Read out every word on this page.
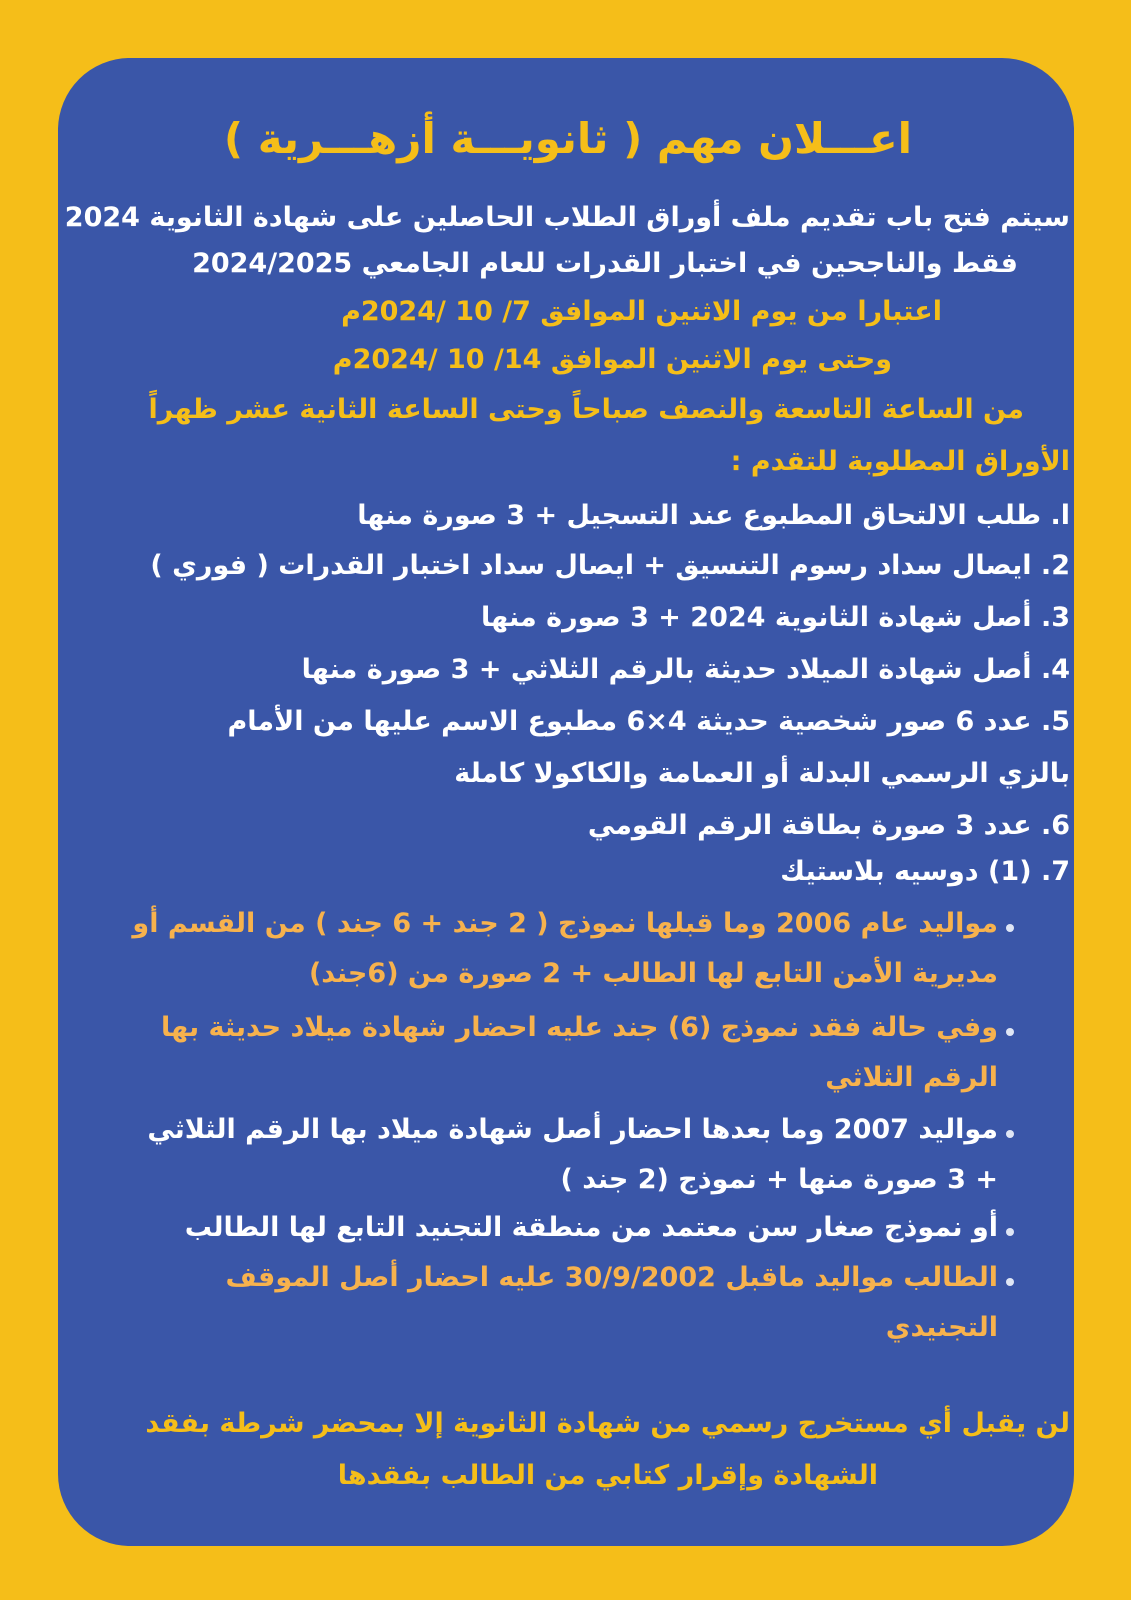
اعـــلان مهم ( ثانويـــة أزهـــرية )
سيتم فتح باب تقديم ملف أوراق الطلاب الحاصلين على شهادة الثانوية 2024
فقط والناجحين في اختبار القدرات للعام الجامعي 2024/2025
اعتبارا من يوم الاثنين الموافق 7/ 10 /2024م
وحتى يوم الاثنين الموافق 14/ 10 /2024م
من الساعة التاسعة والنصف صباحاً وحتى الساعة الثانية عشر ظهراً
الأوراق المطلوبة للتقدم :
ا. طلب الالتحاق المطبوع عند التسجيل + 3 صورة منها
2. ايصال سداد رسوم التنسيق + ايصال سداد اختبار القدرات ( فوري )
3. أصل شهادة الثانوية 2024 + 3 صورة منها
4. أصل شهادة الميلاد حديثة بالرقم الثلاثي + 3 صورة منها
5. عدد 6 صور شخصية حديثة 4×6 مطبوع الاسم عليها من الأمام
بالزي الرسمي البدلة أو العمامة والكاكولا كاملة
6. عدد 3 صورة بطاقة الرقم القومي
7. (1) دوسيه بلاستيك
مواليد عام 2006 وما قبلها نموذج ( 2 جند + 6 جند ) من القسم أو
مديرية الأمن التابع لها الطالب + 2 صورة من (6جند)
وفي حالة فقد نموذج (6) جند عليه احضار شهادة ميلاد حديثة بها
الرقم الثلاثي
مواليد 2007 وما بعدها احضار أصل شهادة ميلاد بها الرقم الثلاثي
+ 3 صورة منها + نموذج (2 جند )
أو نموذج صغار سن معتمد من منطقة التجنيد التابع لها الطالب
الطالب مواليد ماقبل 30/9/2002 عليه احضار أصل الموقف
التجنيدي
لن يقبل أي مستخرج رسمي من شهادة الثانوية إلا بمحضر شرطة بفقد
الشهادة وإقرار كتابي من الطالب بفقدها
